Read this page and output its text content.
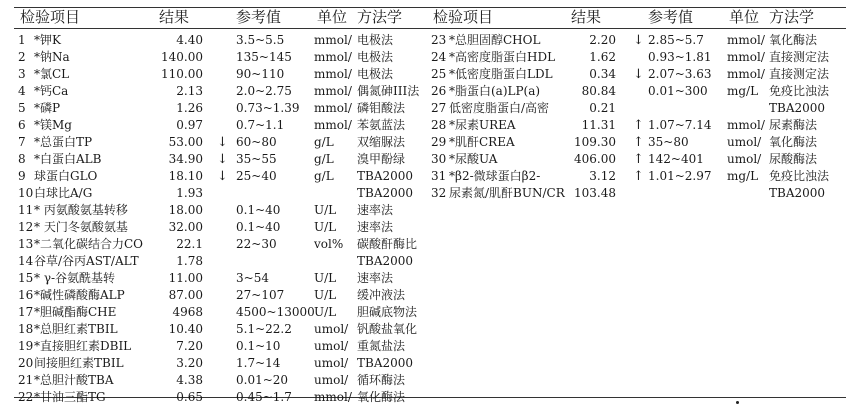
检验项目	结果	参考值 单位 方法学 检验项目	结果	参考值 单位 方法学
1 *钾K	4.40	3.5~5.5 mmol/ 电极法
2 *钠Na	140.00	135~145 mmol/ 电极法
3 *氯CL	110.00	90~110 mmol/ 电极法
4 *钙Ca	2.13	2.0~2.75 mmol/ 偶氮砷III法
5 *磷P	1.26	0.73~1.39 mmol/ 磷钼酸法
6 *镁Mg	0.97	0.7~1.1 mmol/ 苯氨蓝法
7 *总蛋白TP	53.00 ↓ 60~80	g/L 双缩脲法
8 *白蛋白ALB	34.90 ↓ 35~55	g/L 溴甲酚绿
9 球蛋白GLO	18.10 ↓ 25~40	g/L TBA2000
10 白球比A/G	1.93	TBA2000
11 * 丙氨酸氨基转移	18.00	0.1~40	U/L 速率法
12 * 天门冬氨酸氨基	32.00	0.1~40	U/L 速率法
13 *二氧化碳结合力CO	22.1	22~30	vol% 碳酸酐酶比
14 谷草/谷丙AST/ALT	1.78	TBA2000
15 * γ-谷氨酰基转	11.00	3~54	U/L 速率法
16 *碱性磷酸酶ALP	87.00	27~107 U/L 缓冲液法
17 *胆碱酯酶CHE	4968	4500~13000 U/L 胆碱底物法
18 *总胆红素TBIL	10.40	5.1~22.2 umol/ 钒酸盐氧化
19 *直接胆红素DBIL	7.20	0.1~10	umol/ 重氮盐法
20 间接胆红素TBIL	3.20	1.7~14	umol/ TBA2000
21 *总胆汁酸TBA	4.38	0.01~20 umol/ 循环酶法
22 *甘油三酯TG	0.65	0.45~1.7 mmol/ 氧化酶法
23 *总胆固醇CHOL	2.20 ↓ 2.85~5.7 mmol/ 氧化酶法
24 *高密度脂蛋白HDL	1.62	0.93~1.81 mmol/ 直接测定法
25 *低密度脂蛋白LDL	0.34 ↓ 2.07~3.63 mmol/ 直接测定法
26 *脂蛋白(a)LP(a)	80.84	0.01~300 mg/L 免疫比浊法
27 低密度脂蛋白/高密	0.21	TBA2000
28 *尿素UREA	11.31 ↑ 1.07~7.14 mmol/ 尿素酶法
29 *肌酐CREA	109.30 ↑ 35~80	umol/ 氧化酶法
30 *尿酸UA	406.00 ↑ 142~401 umol/ 尿酸酶法
31 *β2-微球蛋白β2-	3.12 ↑ 1.01~2.97 mg/L 免疫比浊法
32 尿素氮/肌酐BUN/CR 103.48	TBA2000
